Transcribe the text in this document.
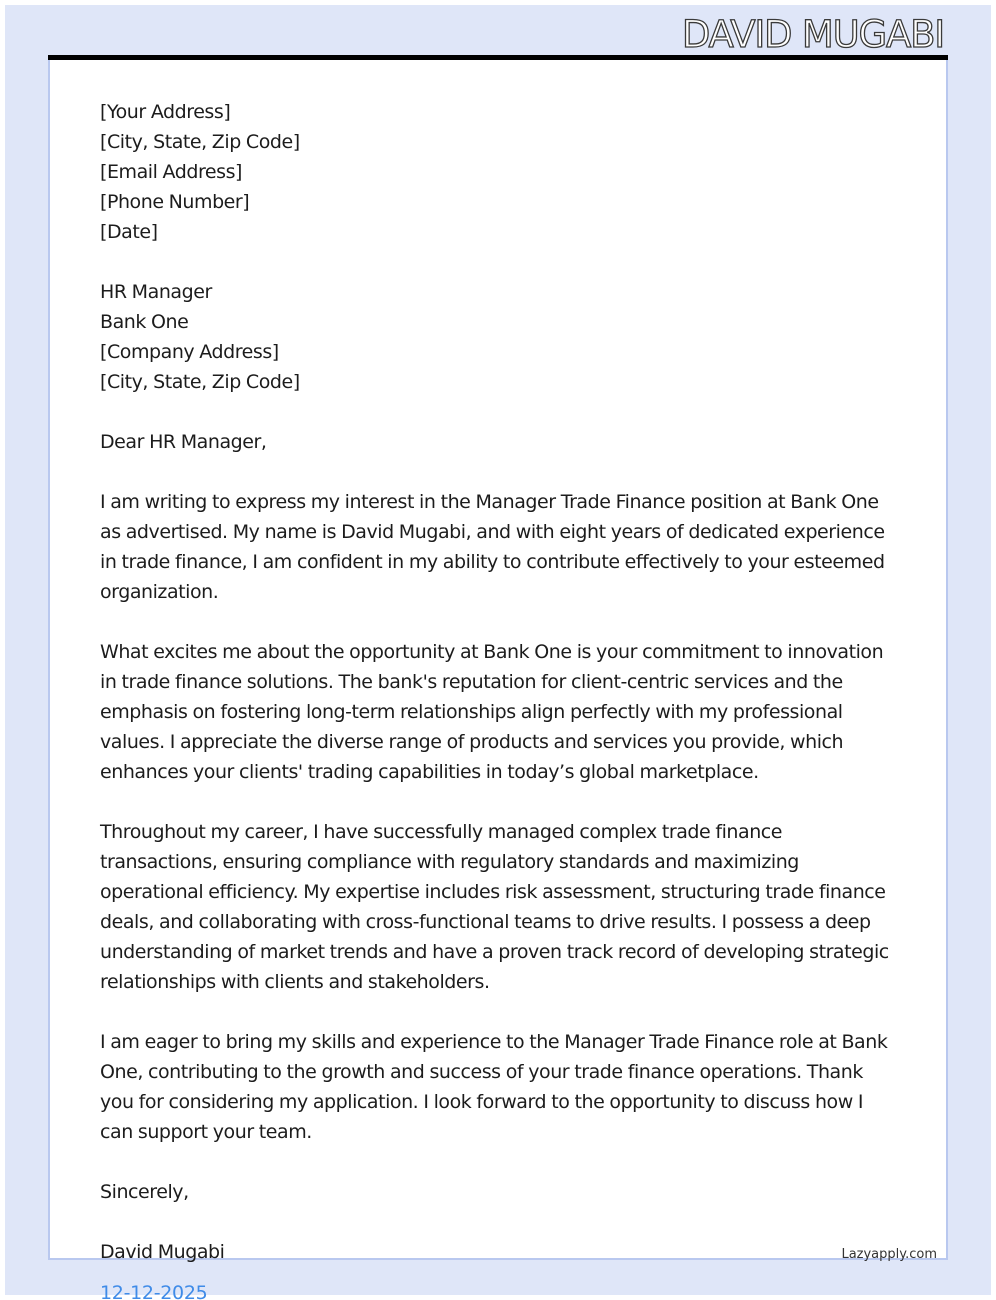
DAVID MUGABI
[Your Address]
[City, State, Zip Code]
[Email Address]
[Phone Number]
[Date]
HR Manager
Bank One
[Company Address]
[City, State, Zip Code]

Dear HR Manager,

I am writing to express my interest in the Manager Trade Finance position at Bank One as advertised. My name is David Mugabi, and with eight years of dedicated experience in trade finance, I am confident in my ability to contribute effectively to your esteemed organization.

What excites me about the opportunity at Bank One is your commitment to innovation in trade finance solutions. The bank's reputation for client-centric services and the emphasis on fostering long-term relationships align perfectly with my professional values. I appreciate the diverse range of products and services you provide, which enhances your clients' trading capabilities in today’s global marketplace.

Throughout my career, I have successfully managed complex trade finance transactions, ensuring compliance with regulatory standards and maximizing operational efficiency. My expertise includes risk assessment, structuring trade finance deals, and collaborating with cross-functional teams to drive results. I possess a deep understanding of market trends and have a proven track record of developing strategic relationships with clients and stakeholders.

I am eager to bring my skills and experience to the Manager Trade Finance role at Bank One, contributing to the growth and success of your trade finance operations. Thank you for considering my application. I look forward to the opportunity to discuss how I can support your team.

Sincerely,
David Mugabi	Lazyapply.com
12-12-2025
